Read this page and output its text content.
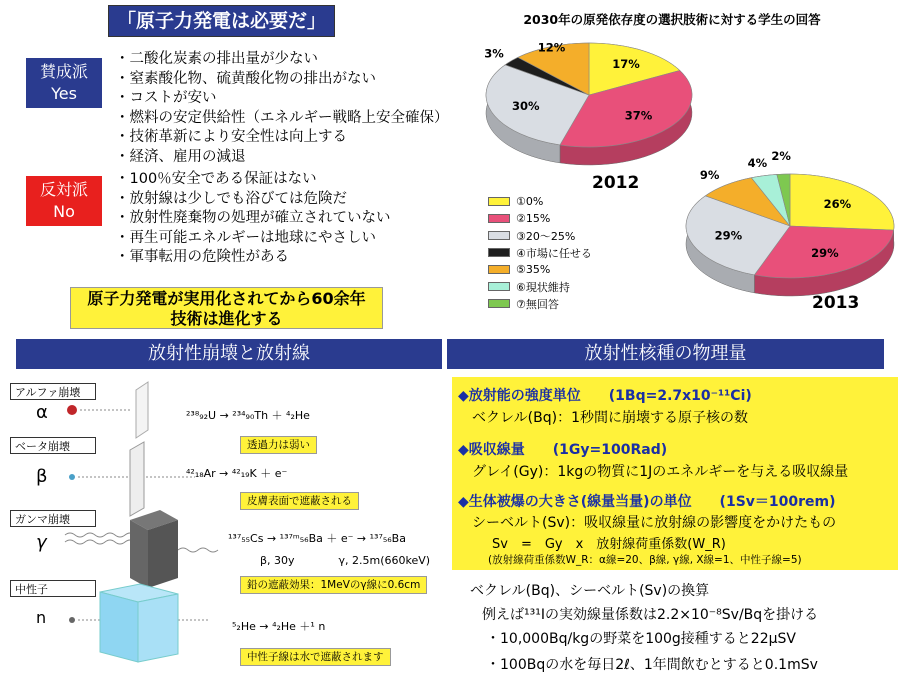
「原子力発電は必要だ」
賛成派
Yes
・二酸化炭素の排出量が少ない
・窒素酸化物、硫黄酸化物の排出がない
・コストが安い
・燃料の安定供給性（エネルギー戦略上安全確保）
・技術革新により安全性は向上する
・経済、雇用の減退
反対派
No
・100％安全である保証はない
・放射線は少しでも浴びては危険だ
・放射性廃棄物の処理が確立されていない
・再生可能エネルギーは地球にやさしい
・軍事転用の危険性がある
原子力発電が実用化されてから60余年
技術は進化する
2030年の原発依存度の選択肢術に対する学生の回答
17%
37%
30%
3%	12%
26%
29%
29%
9%
4%
2%
2012
2013
①0%
②15%
③20～25%
④市場に任せる
⑤35%
⑥現状維持
⑦無回答
放射性崩壊と放射線	放射性核種の物理量
アルファ崩壊
α
ベータ崩壊
β
ガンマ崩壊
γ
中性子
n
²³⁸₉₂U → ²³⁴₉₀Th ＋ ⁴₂He
透過力は弱い
⁴²₁₈Ar → ⁴²₁₉K ＋ e⁻
皮膚表面で遮蔽される
¹³⁷₅₅Cs → ¹³⁷ᵐ₅₆Ba ＋ e⁻ → ¹³⁷₅₆Ba
β, 30y　　　　γ, 2.5m(660keV)
鉛の遮蔽効果：1MeVのγ線に0.6cm
⁵₂He → ⁴₂He ＋¹ n
中性子線は水で遮蔽されます
◆放射能の強度単位　　(1Bq=2.7x10⁻¹¹Ci)
　ベクレル(Bq)：1秒間に崩壊する原子核の数
◆吸収線量　　(1Gy=100Rad)
　グレイ(Gy)：1kgの物質に1Jのエネルギーを与える吸収線量
◆生体被爆の大きさ(線量当量)の単位　　(1Sv＝100rem)
　シーベルト(Sv)：吸収線量に放射線の影響度をかけたもの
Sv　=　Gy　x　放射線荷重係数(W_R)
(放射線荷重係数W_R：α線=20、β線, γ線, X線=1、中性子線=5)
ベクレル(Bq)、シーベルト(Sv)の換算
例えば¹³¹Iの実効線量係数は2.2×10⁻⁸Sv/Bqを掛ける
・10,000Bq/kgの野菜を100g接種すると22μSV
・100Bqの水を毎日2ℓ、1年間飲むとすると0.1mSv
